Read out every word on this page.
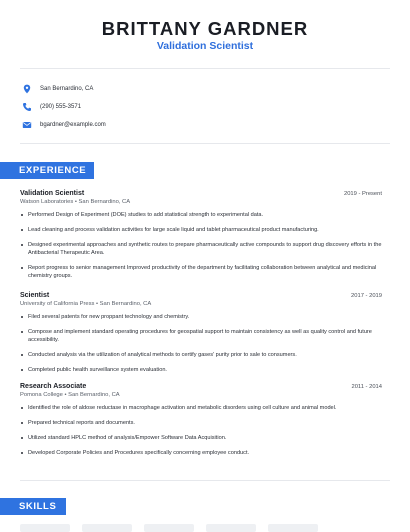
BRITTANY GARDNER
Validation Scientist
San Bernardino, CA
(290) 555-3571
bgardner@example.com
EXPERIENCE
Validation Scientist	2019 - Present
Watson Laboratories • San Bernardino, CA
Performed Design of Experiment (DOE) studies to add statistical strength to experimental data.
Lead cleaning and process validation activities for large scale liquid and tablet pharmaceutical product manufacturing.
Designed experimental approaches and synthetic routes to prepare pharmaceutically active compounds to support drug discovery efforts in the Antibacterial Therapeutic Area.
Report progress to senior management Improved productivity of the department by facilitating collaboration between analytical and medicinal chemistry groups.
Scientist	2017 - 2019
University of California Press • San Bernardino, CA
Filed several patents for new proppant technology and chemistry.
Compose and implement standard operating procedures for geospatial support to maintain consistency as well as quality control and future accessibility.
Conducted analysis via the utilization of analytical methods to certify gases' purity prior to sale to consumers.
Completed public health surveillance system evaluation.
Research Associate	2011 - 2014
Pomona College • San Bernardino, CA
Identified the role of aldose reductase in macrophage activation and metabolic disorders using cell culture and animal model.
Prepared technical reports and documents.
Utilized standard HPLC method of analysis/Empower Software Data Acquisition.
Developed Corporate Policies and Procedures specifically concerning employee conduct.
SKILLS
